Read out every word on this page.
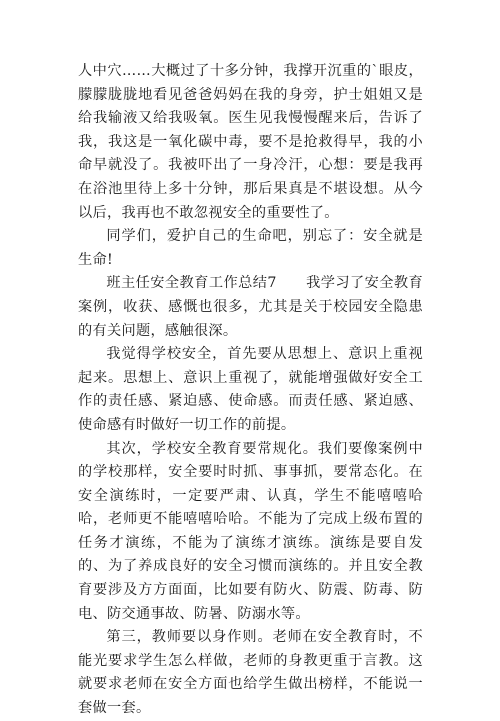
人中穴……大概过了十多分钟，我撑开沉重的`眼皮，朦朦胧胧地看见爸爸妈妈在我的身旁，护士姐姐又是给我输液又给我吸氧。医生见我慢慢醒来后，告诉了我，我这是一氧化碳中毒，要不是抢救得早，我的小命早就没了。我被吓出了一身冷汗，心想：要是我再在浴池里待上多十分钟，那后果真是不堪设想。从今以后，我再也不敢忽视安全的重要性了。

同学们，爱护自己的生命吧，别忘了：安全就是生命!

班主任安全教育工作总结7　　我学习了安全教育案例，收获、感慨也很多，尤其是关于校园安全隐患的有关问题，感触很深。

我觉得学校安全，首先要从思想上、意识上重视起来。思想上、意识上重视了，就能增强做好安全工作的责任感、紧迫感、使命感。而责任感、紧迫感、使命感有时做好一切工作的前提。

其次，学校安全教育要常规化。我们要像案例中的学校那样，安全要时时抓、事事抓，要常态化。在安全演练时，一定要严肃、认真，学生不能嘻嘻哈哈，老师更不能嘻嘻哈哈。不能为了完成上级布置的任务才演练，不能为了演练才演练。演练是要自发的、为了养成良好的安全习惯而演练的。并且安全教育要涉及方方面面，比如要有防火、防震、防毒、防电、防交通事故、防暑、防溺水等。

第三，教师要以身作则。老师在安全教育时，不能光要求学生怎么样做，老师的身教更重于言教。这就要求老师在安全方面也给学生做出榜样，不能说一套做一套。
